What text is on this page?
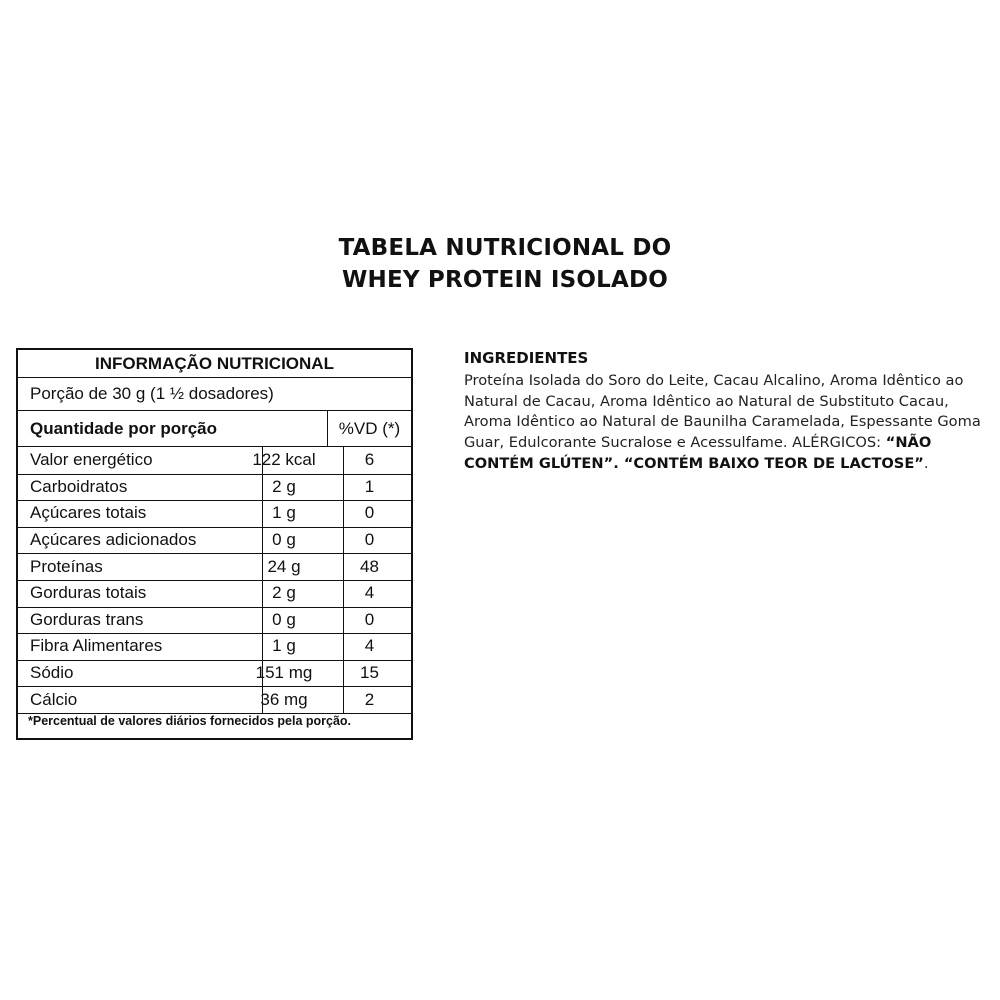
TABELA NUTRICIONAL DO
WHEY PROTEIN ISOLADO
INFORMAÇÃO NUTRICIONAL
Porção de 30 g (1 ½ dosadores)
Quantidade por porção	%VD (*)
Valor energético	122 kcal	6
Carboidratos	2 g	1
Açúcares totais	1 g	0
Açúcares adicionados	0 g	0
Proteínas	24 g	48
Gorduras totais	2 g	4
Gorduras trans	0 g	0
Fibra Alimentares	1 g	4
Sódio	151 mg	15
Cálcio	36 mg	2
*Percentual de valores diários fornecidos pela porção.
INGREDIENTES
Proteína Isolada do Soro do Leite, Cacau Alcalino, Aroma Idêntico ao Natural de Cacau, Aroma Idêntico ao Natural de Substituto Cacau, Aroma Idêntico ao Natural de Baunilha Caramelada, Espessante Goma Guar, Edulcorante Sucralose e Acessulfame. ALÉRGICOS: “NÃO CONTÉM GLÚTEN”. “CONTÉM BAIXO TEOR DE LACTOSE”.
